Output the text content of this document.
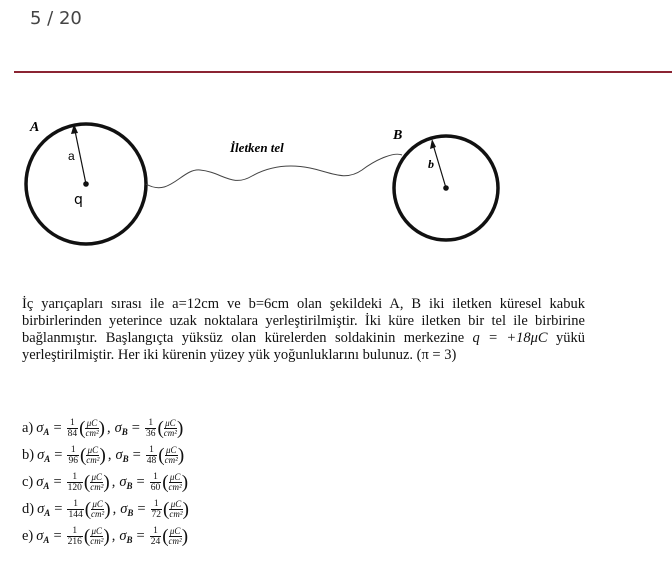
5 / 20
A
a
q
İletken tel
B
b
İç yarıçapları sırası ile a=12cm ve b=6cm olan şekildeki A, B iki iletken küresel kabuk birbirlerinden yeterince uzak noktalara yerleştirilmiştir. İki küre iletken bir tel ile birbirine bağlanmıştır. Başlangıçta yüksüz olan kürelerden soldakinin merkezine q = +18μC yükü yerleştirilmiştir. Her iki kürenin yüzey yük yoğunluklarını bulunuz. (π = 3)
a) $\sigma_A = \frac{1}{84}$ ( μC
cm² ) , $\sigma_B = \frac{1}{36}$ ( μC
cm² )
b) $\sigma_A = \frac{1}{96}$ ( μC
cm² ) , $\sigma_B = \frac{1}{48}$ ( μC
cm² )
c) $\sigma_A = \frac{1}{120}$ ( μC
cm² ) , $\sigma_B = \frac{1}{60}$ ( μC
cm² )
d) $\sigma_A = \frac{1}{144}$ ( μC
cm² ) , $\sigma_B = \frac{1}{72}$ ( μC
cm² )
e) $\sigma_A = \frac{1}{216}$ ( μC
cm² ) , $\sigma_B = \frac{1}{24}$ ( μC
cm² )
